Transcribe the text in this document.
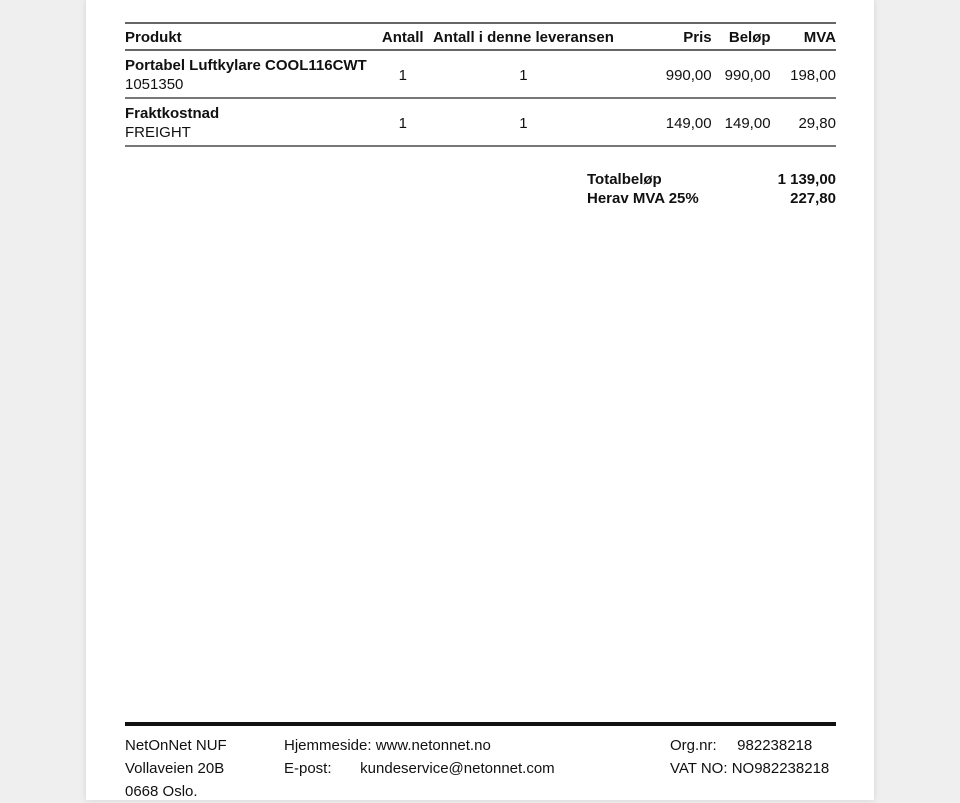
Produkt	Antall	Antall i denne leveransen	Pris	Beløp	MVA

Portabel Luftkylare COOL116CWT
1051350	1	1	990,00	990,00	198,00

Fraktkostnad
FREIGHT	1	1	149,00	149,00	29,80
Totalbeløp	1 139,00
Herav MVA 25%	227,80
NetOnNet NUF
Vollaveien 20B
0668 Oslo.
Hjemmeside: www.netonnet.no
E-post: kundeservice@netonnet.com
Org.nr: 982238218
VAT NO: NO982238218
